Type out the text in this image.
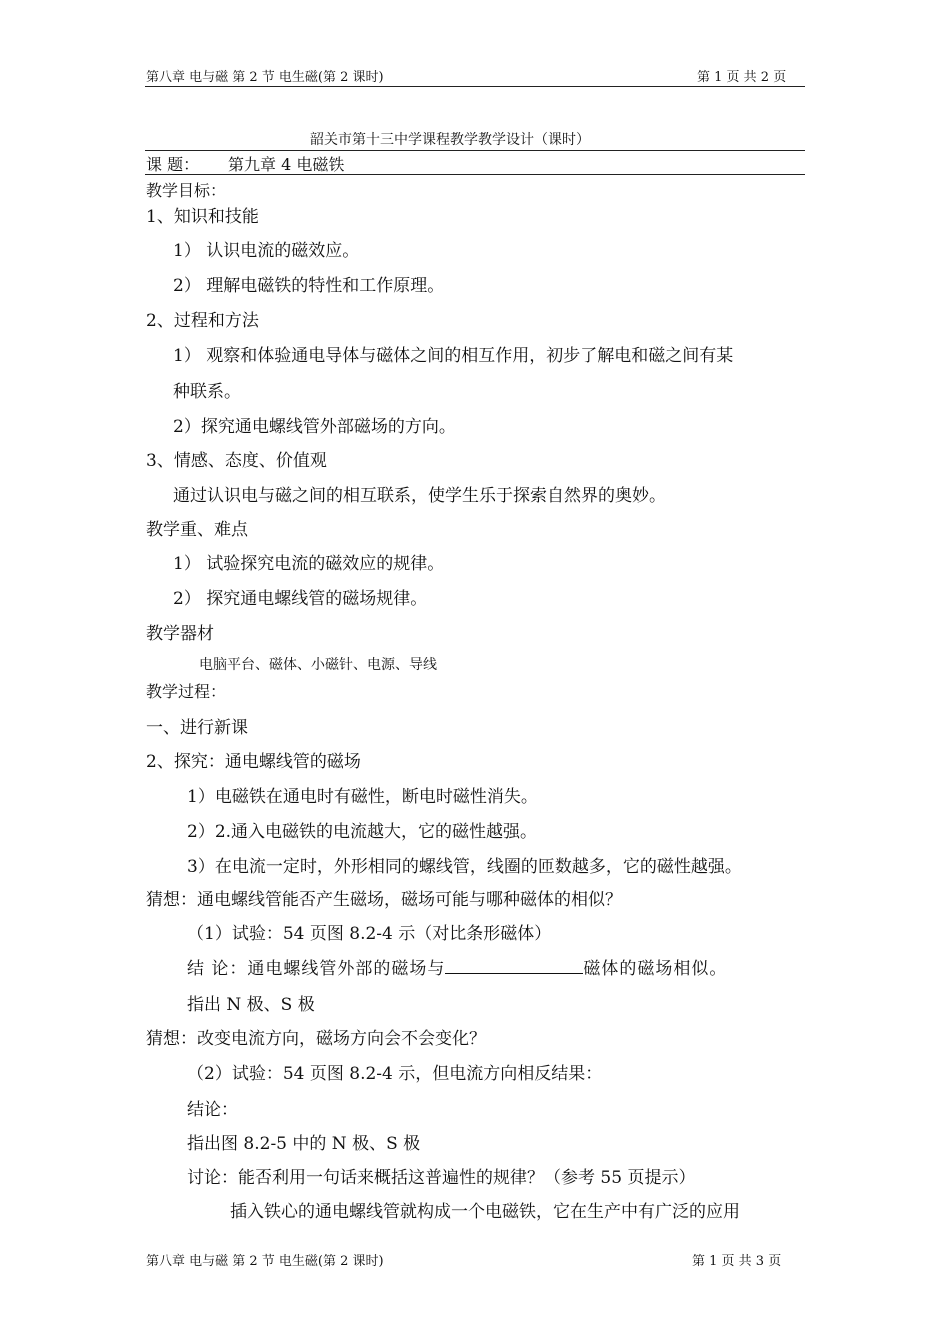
第八章 电与磁 第 2 节 电生磁(第 2 课时)	第 1 页 共 2 页
韶关市第十三中学课程教学教学设计（课时）
课 题： 第九章 4 电磁铁
教学目标：
1、知识和技能
1） 认识电流的磁效应。
2） 理解电磁铁的特性和工作原理。
2、过程和方法
1） 观察和体验通电导体与磁体之间的相互作用，初步了解电和磁之间有某
种联系。
2）探究通电螺线管外部磁场的方向。
3、情感、态度、价值观
通过认识电与磁之间的相互联系，使学生乐于探索自然界的奥妙。
教学重、难点
1） 试验探究电流的磁效应的规律。
2） 探究通电螺线管的磁场规律。
教学器材
电脑平台、磁体、小磁针、电源、导线
教学过程：
一、进行新课
2、探究：通电螺线管的磁场
1）电磁铁在通电时有磁性，断电时磁性消失。
2）2.通入电磁铁的电流越大，它的磁性越强。
3）在电流一定时，外形相同的螺线管，线圈的匝数越多，它的磁性越强。
猜想：通电螺线管能否产生磁场，磁场可能与哪种磁体的相似？
（1）试验：54 页图 8.2-4 示（对比条形磁体）
结 论：通电螺线管外部的磁场与	磁体的磁场相似。
指出 N 极、S 极
猜想：改变电流方向，磁场方向会不会变化？
（2）试验：54 页图 8.2-4 示，但电流方向相反结果：
结论：
指出图 8.2-5 中的 N 极、S 极
讨论：能否利用一句话来概括这普遍性的规律？（参考 55 页提示）
插入铁心的通电螺线管就构成一个电磁铁，它在生产中有广泛的应用
第八章 电与磁 第 2 节 电生磁(第 2 课时)	第 1 页 共 3 页
